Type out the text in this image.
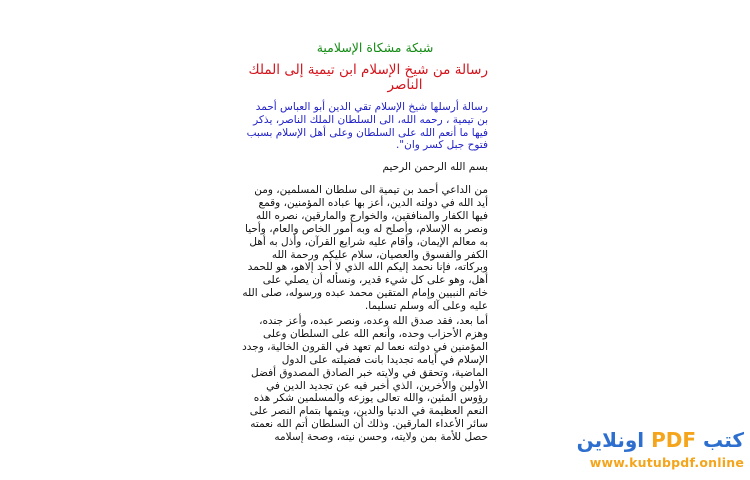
شبكة مشكاة الإسلامية
رسالة من شيخ الإسلام ابن تيمية إلى الملك
الناصر
رسالة أرسلها شيخ الإسلام تقي الدين أبو العباس أحمد
بن تيمية ، رحمه الله، الى السلطان الملك الناصر، يذكر
فيها ما أنعم الله على السلطان وعلى أهل الإسلام بسبب
فتوح جبل كسر وان".
بسم الله الرحمن الرحيم
من الداعي أحمد بن تيمية الى سلطان المسلمين، ومن
أيد الله في دولته الدين، أعز بها عباده المؤمنين، وقمع
فيها الكفار والمنافقين، والخوارج والمارقين، نصره الله
ونصر به الإسلام، وأصلح له وبه أمور الخاص والعام، وأحيا
به معالم الإيمان، وأقام عليه شرايع القرآن، وأذل به أهل
الكفر والفسوق والعصيان، سلام عليكم ورحمة الله
وبركاته، فإنا نحمد إليكم الله الذي لا أحد إلاهو، هو للحمد
أهل، وهو على كل شيء قدير، ونسأله أن يصلي على
خاتم النبيين وإمام المتقين محمد عبده ورسوله، صلى الله
عليه وعلى آله وسلم تسليما.
أما بعد، فقد صدق الله وعده، ونصر عبده، وأعز جنده،
وهزم الأحزاب وحده، وأنعم الله على السلطان وعلى
المؤمنين في دولته نعما لم تعهد في القرون الخالية، وجدد
الإسلام في أيامه تجديدا بانت فضيلته على الدول
الماضية، وتحقق في ولايته خبر الصادق المصدوق أفضل
الأولين والأخرين، الذي أخبر فيه عن تجديد الدين في
رؤوس المئين، والله تعالى يوزعه والمسلمين شكر هذه
النعم العظيمة في الدنيا والدين، ويتمها بتمام النصر على
سائر الأعداء المارقين. وذلك أن السلطان أتم الله نعمته
حصل للأمة بمن ولايته، وحسن نيته، وصحة إسلامه	كتب PDF اونلاين
www.kutubpdf.online
